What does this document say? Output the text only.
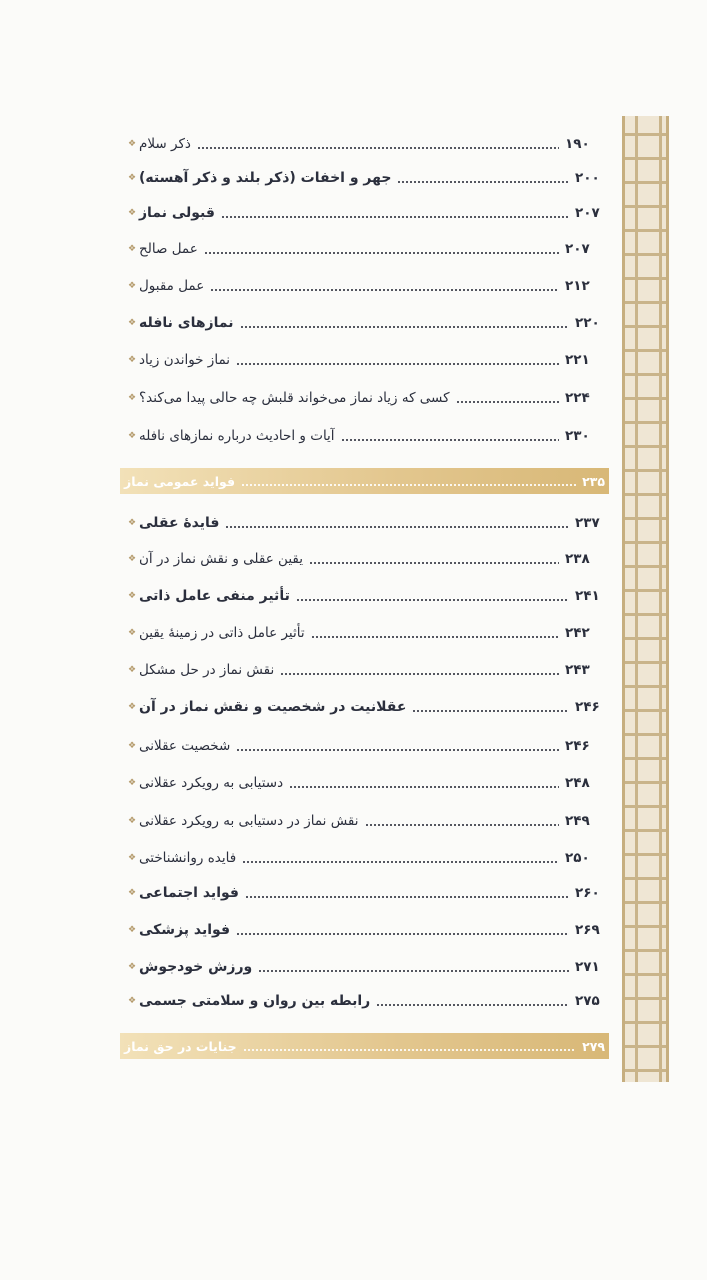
❖ ذکر سلام	۱۹۰
❖ جهر و اخفات (ذکر بلند و ذکر آهسته)	۲۰۰
❖ قبولی نماز	۲۰۷
❖ عمل صالح	۲۰۷
❖ عمل مقبول	۲۱۲
❖ نمازهای نافله	۲۲۰
❖ نماز خواندن زیاد	۲۲۱
❖ کسی که زیاد نماز می‌خواند قلبش چه حالی پیدا می‌کند؟	۲۲۴
❖ آیات و احادیث درباره نمازهای نافله	۲۳۰
فواید عمومی نماز	۲۳۵
❖ فایدهٔ عقلی	۲۳۷
❖ یقین عقلی و نقش نماز در آن	۲۳۸
❖ تأثیر منفی عامل ذاتی	۲۴۱
❖ تأثیر عامل ذاتی در زمینهٔ یقین	۲۴۲
❖ نقش نماز در حل مشکل	۲۴۳
❖ عقلانیت در شخصیت و نقش نماز در آن	۲۴۶
❖ شخصیت عقلانی	۲۴۶
❖ دستیابی به رویکرد عقلانی	۲۴۸
❖ نقش نماز در دستیابی به رویکرد عقلانی	۲۴۹
❖ فایده روانشناختی	۲۵۰
❖ فواید اجتماعی	۲۶۰
❖ فواید پزشکی	۲۶۹
❖ ورزش خودجوش	۲۷۱
❖ رابطه بین روان و سلامتی جسمی	۲۷۵
جنایات در حق نماز	۲۷۹
